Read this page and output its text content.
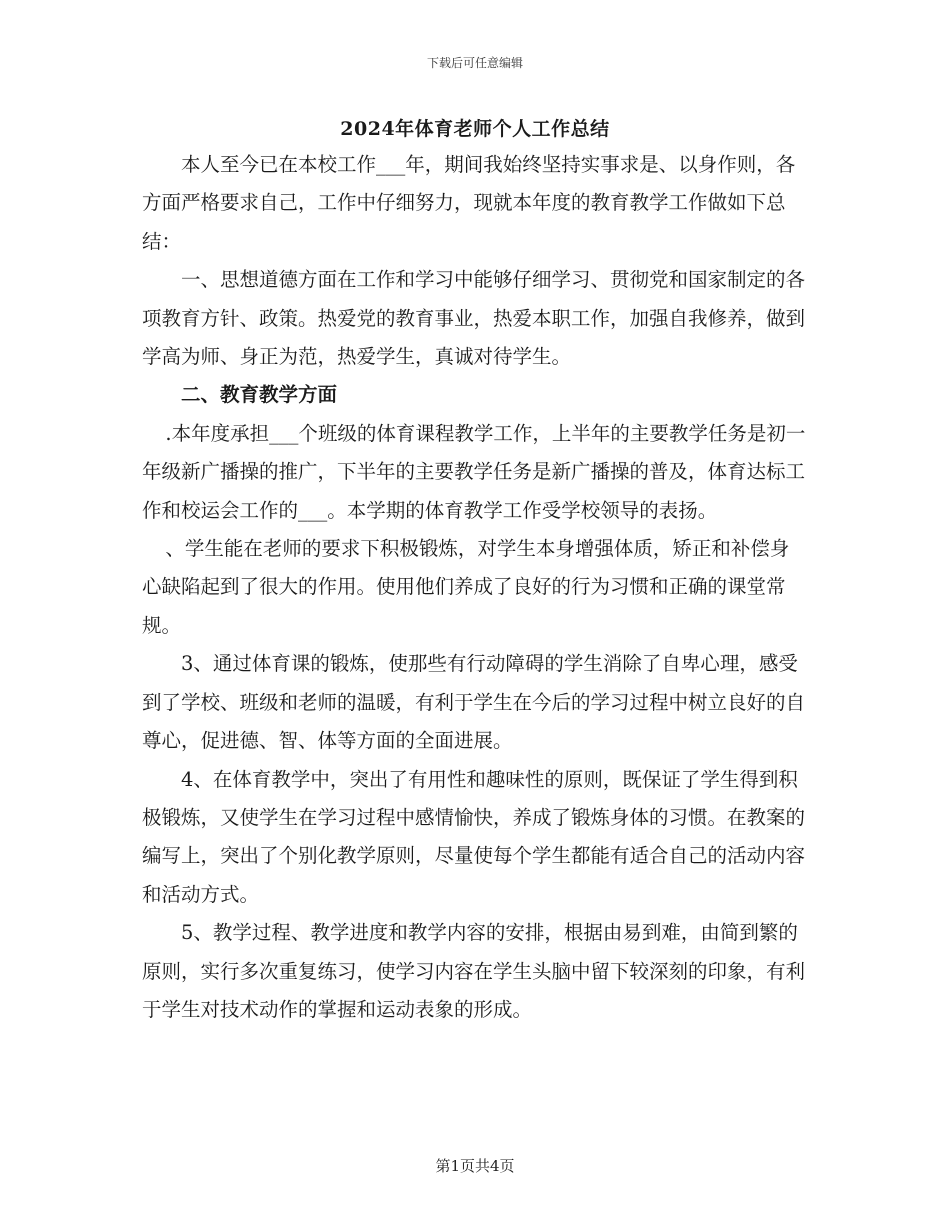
下载后可任意编辑
2024年体育老师个人工作总结

本人至今已在本校工作___年，期间我始终坚持实事求是、以身作则，各方面严格要求自己，工作中仔细努力，现就本年度的教育教学工作做如下总结：

一、思想道德方面在工作和学习中能够仔细学习、贯彻党和国家制定的各项教育方针、政策。热爱党的教育事业，热爱本职工作，加强自我修养，做到学高为师、身正为范，热爱学生，真诚对待学生。

二、教育教学方面

.本年度承担___个班级的体育课程教学工作，上半年的主要教学任务是初一年级新广播操的推广，下半年的主要教学任务是新广播操的普及，体育达标工作和校运会工作的___。本学期的体育教学工作受学校领导的表扬。

、学生能在老师的要求下积极锻炼，对学生本身增强体质，矫正和补偿身心缺陷起到了很大的作用。使用他们养成了良好的行为习惯和正确的课堂常规。

3、通过体育课的锻炼，使那些有行动障碍的学生消除了自卑心理，感受到了学校、班级和老师的温暖，有利于学生在今后的学习过程中树立良好的自尊心，促进德、智、体等方面的全面进展。

4、在体育教学中，突出了有用性和趣味性的原则，既保证了学生得到积极锻炼，又使学生在学习过程中感情愉快，养成了锻炼身体的习惯。在教案的编写上，突出了个别化教学原则，尽量使每个学生都能有适合自己的活动内容和活动方式。

5、教学过程、教学进度和教学内容的安排，根据由易到难，由简到繁的原则，实行多次重复练习，使学习内容在学生头脑中留下较深刻的印象，有利于学生对技术动作的掌握和运动表象的形成。

第1页共4页
